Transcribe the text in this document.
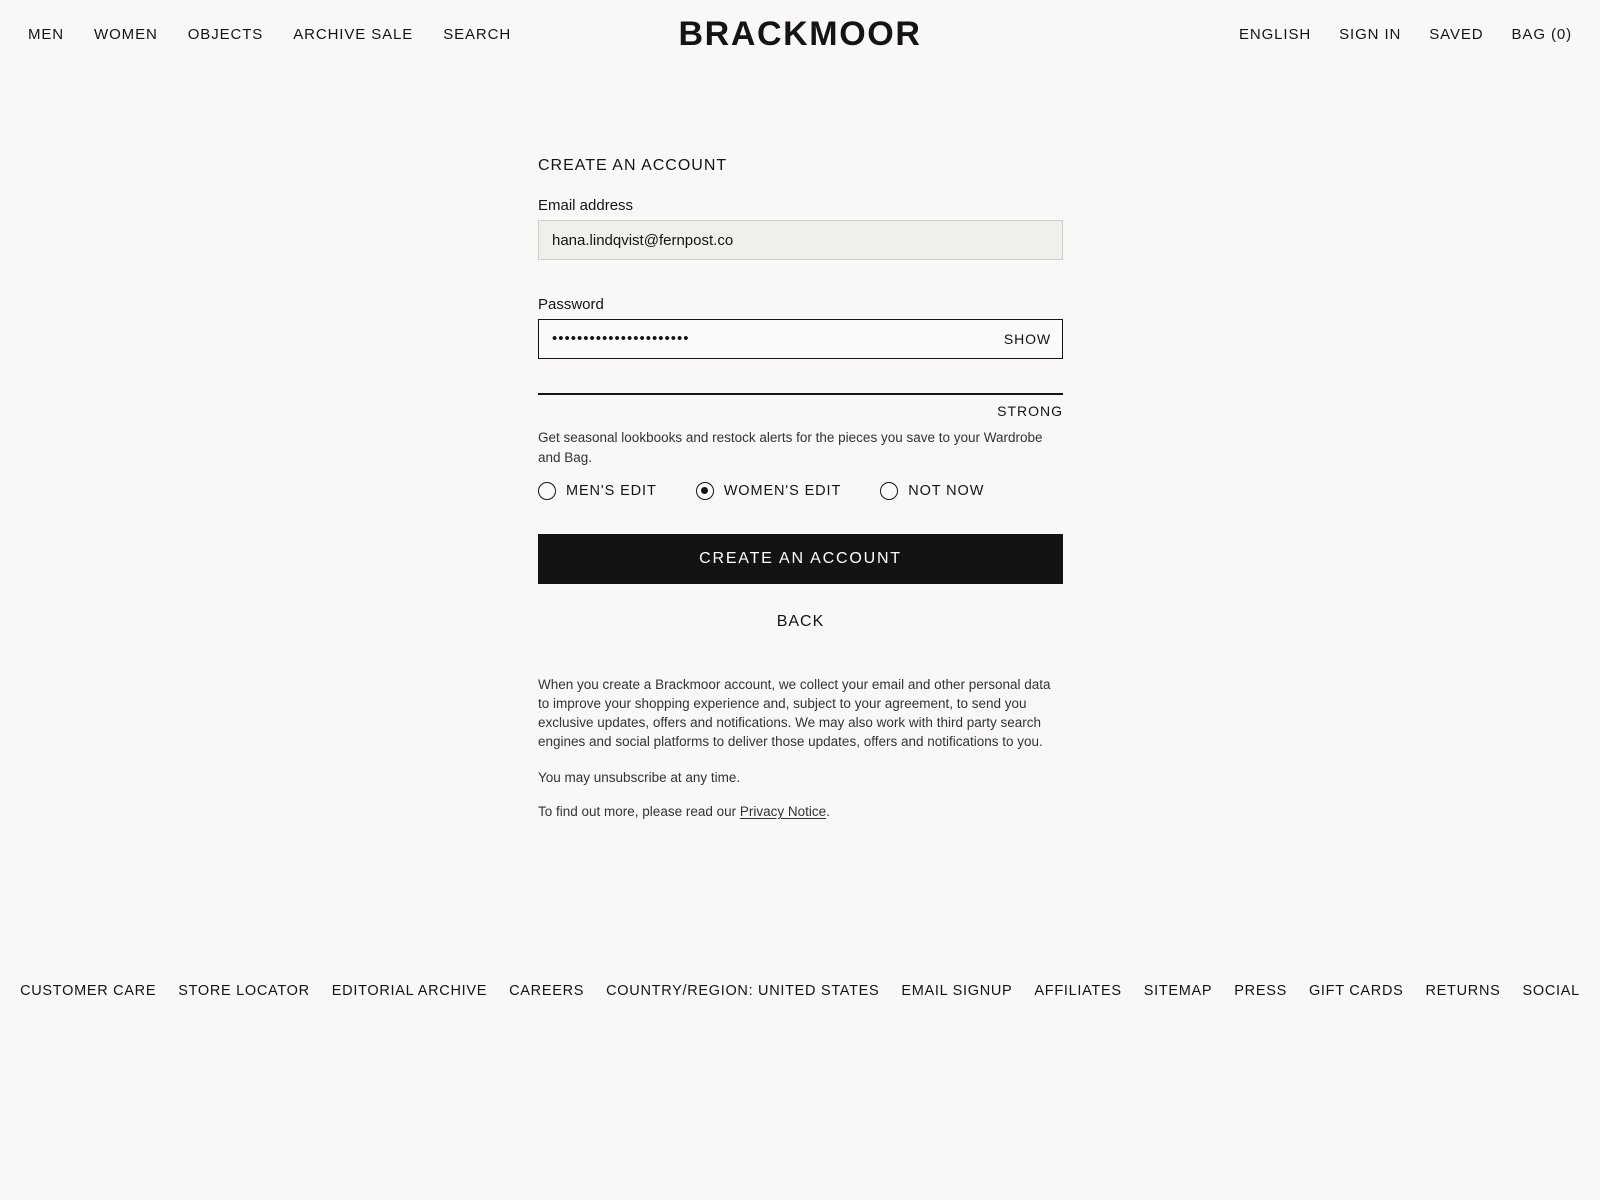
MEN WOMEN OBJECTS ARCHIVE SALE SEARCH	BRACKMOOR	ENGLISH SIGN IN SAVED BAG (0)
CREATE AN ACCOUNT
Email address
hana.lindqvist@fernpost.co
Password
••••••••••••••••••••••
SHOW
STRONG
Get seasonal lookbooks and restock alerts for the pieces you save to your Wardrobe and Bag.
MEN'S EDIT	WOMEN'S EDIT	NOT NOW
CREATE AN ACCOUNT
BACK

When you create a Brackmoor account, we collect your email and other personal data to improve your shopping experience and, subject to your agreement, to send you exclusive updates, offers and notifications. We may also work with third party search engines and social platforms to deliver those updates, offers and notifications to you.

You may unsubscribe at any time.

To find out more, please read our Privacy Notice.

CUSTOMER CARE STORE LOCATOR EDITORIAL ARCHIVE CAREERS COUNTRY/REGION: UNITED STATES EMAIL SIGNUP AFFILIATES SITEMAP PRESS GIFT CARDS RETURNS SOCIAL
